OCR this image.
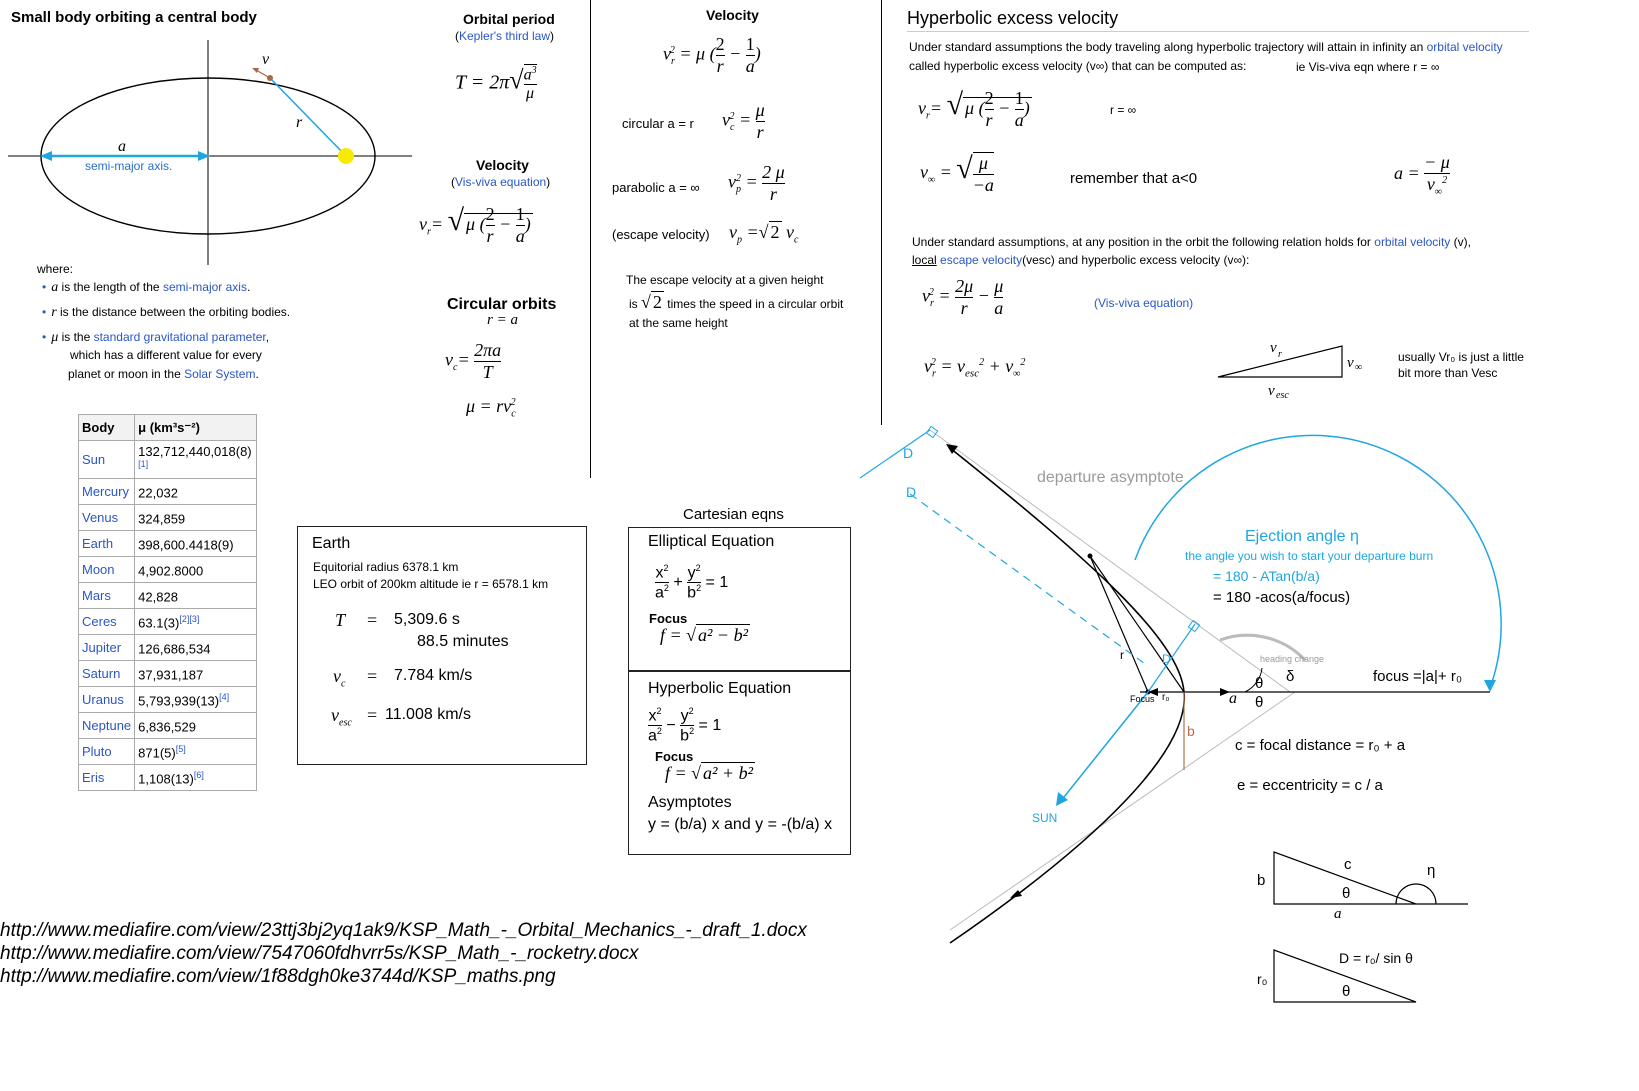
Small body orbiting a central body
v
r
a
semi-major axis.
where:
• a is the length of the semi-major axis.
• r is the distance between the orbiting bodies.
• μ is the standard gravitational parameter,
which has a different value for every
planet or moon in the Solar System.
Body	μ (km³s⁻²)
Sun	132,712,440,018(8)[1]
Mercury	22,032
Venus	324,859
Earth	398,600.4418(9)
Moon	4,902.8000
Mars	42,828
Ceres	63.1(3)[2][3]
Jupiter	126,686,534
Saturn	37,931,187
Uranus	5,793,939(13)[4]
Neptune	6,836,529
Pluto	871(5)[5]
Eris	1,108(13)[6]
Orbital period
(Kepler's third law)
$T = 2\pi√ \frac{a^3}{\mu}$
Velocity
(Vis-viva equation)
$v_r=$ √ μ ( $\frac{2}{r} - \frac{1}{a}$ )
Circular orbits
r = a
$v_c= \frac{2\pi a}{T}$
$\mu = rv_c^2$
Velocity
$v_r^2 = \mu$ ( $\frac{2}{r} - \frac{1}{a}$ )
circular a = r $v_c^2 = \frac{\mu}{r}$
parabolic a = ∞ $v_p^2 = \frac{2 \mu}{r}$
(escape velocity) $v_p$ =√ 2 $v_c$
The escape velocity at a given height
is √ 2 times the speed in a circular orbit
at the same height
Earth
Equitorial radius 6378.1 km
LEO orbit of 200km altitude ie r = 6578.1 km
T = 5,309.6 s
88.5 minutes
$v_c = 7.784$ km/s
$v_{esc} = 11.008$ km/s
Cartesian eqns
Elliptical Equation
$\frac{x^2}{a^2} + \frac{y^2}{b^2} = 1$
Focus
f = √ a² − b²
Hyperbolic Equation
$\frac{x^2}{a^2} - \frac{y^2}{b^2} = 1$
Focus
f = √ a² + b²
Asymptotes
y = (b/a) x and y = -(b/a) x
Hyperbolic excess velocity
Under standard assumptions the body traveling along hyperbolic trajectory will attain in infinity an orbital velocity
called hyperbolic excess velocity (v∞) that can be computed as:	ie Vis-viva eqn where r = ∞
$v_r=$ √ μ ( $\frac{2}{r} - \frac{1}{a}$ )	r = ∞
$v_\infty$ = √ $\frac{\mu}{-a}$	remember that a<0	$a = \frac{- \mu}{v_\infty^2}$
Under standard assumptions, at any position in the orbit the following relation holds for orbital velocity (v),
local escape velocity(vesc) and hyperbolic excess velocity (v∞):
$v_r^2 = \frac{2\mu}{r} - \frac{\mu}{a}$	(Vis-viva equation)
$v_r^2 = v_{esc}^2 + v_\infty^2$
v r
v ∞
v esc
usually Vr₀ is just a little
bit more than Vesc
D
D
departure asymptote
Ejection angle η
the angle you wish to start your departure burn
= 180 - ATan(b/a)
= 180 -acos(a/focus)
heading change
θ δ
a θ
r
Focus r₀
D
b
focus =|a|+ r₀
c = focal distance = r₀ + a
e = eccentricity = c / a
SUN
b
c
θ
a
η
r₀
D = r₀/ sin θ
θ
http://www.mediafire.com/view/23ttj3bj2yq1ak9/KSP_Math_-_Orbital_Mechanics_-_draft_1.docx
http://www.mediafire.com/view/7547060fdhvrr5s/KSP_Math_-_rocketry.docx
http://www.mediafire.com/view/1f88dgh0ke3744d/KSP_maths.png
